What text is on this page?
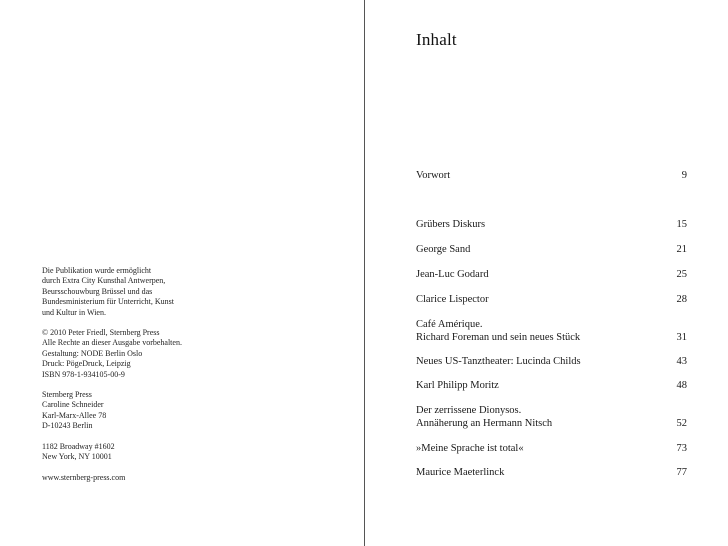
Die Publikation wurde ermöglicht
durch Extra City Kunsthal Antwerpen,
Beursschouwburg Brüssel und das
Bundesministerium für Unterricht, Kunst
und Kultur in Wien.
© 2010 Peter Friedl, Sternberg Press
Alle Rechte an dieser Ausgabe vorbehalten.
Gestaltung: NODE Berlin Oslo
Druck: PögeDruck, Leipzig
ISBN 978-1-934105-00-9
Sternberg Press
Caroline Schneider
Karl-Marx-Allee 78
D-10243 Berlin
1182 Broadway #1602
New York, NY 10001
www.sternberg-press.com
Inhalt
Vorwort	9
Grübers Diskurs	15
George Sand	21
Jean-Luc Godard	25
Clarice Lispector	28
Café Amérique.
Richard Foreman und sein neues Stück	31
Neues US-Tanztheater: Lucinda Childs	43
Karl Philipp Moritz	48
Der zerrissene Dionysos.
Annäherung an Hermann Nitsch	52
»Meine Sprache ist total«	73
Maurice Maeterlinck	77
